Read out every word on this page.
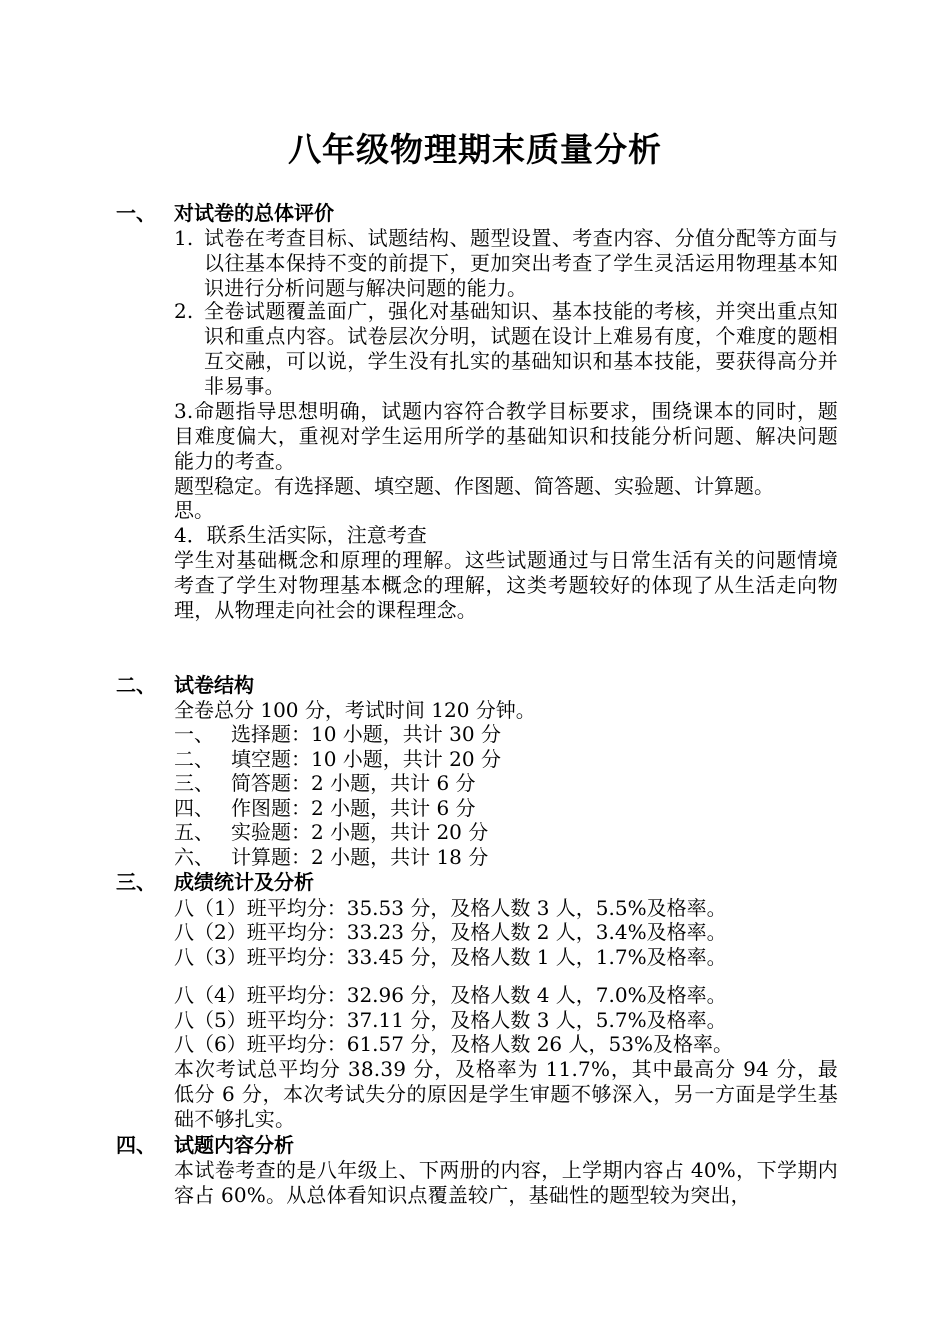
八年级物理期末质量分析
一、 对试卷的总体评价
1. 试卷在考查目标、试题结构、题型设置、考查内容、分值分配等方面与以往基本保持不变的前提下，更加突出考查了学生灵活运用物理基本知识进行分析问题与解决问题的能力。
2. 全卷试题覆盖面广，强化对基础知识、基本技能的考核，并突出重点知识和重点内容。试卷层次分明，试题在设计上难易有度，个难度的题相互交融，可以说，学生没有扎实的基础知识和基本技能，要获得高分并非易事。
3.命题指导思想明确，试题内容符合教学目标要求，围绕课本的同时，题目难度偏大，重视对学生运用所学的基础知识和技能分析问题、解决问题能力的考查。
题型稳定。有选择题、填空题、作图题、简答题、实验题、计算题。
思。
4．联系生活实际，注意考查
学生对基础概念和原理的理解。这些试题通过与日常生活有关的问题情境考查了学生对物理基本概念的理解，这类考题较好的体现了从生活走向物理，从物理走向社会的课程理念。
二、 试卷结构
全卷总分 100 分，考试时间 120 分钟。
一、 选择题：10 小题，共计 30 分
二、 填空题：10 小题，共计 20 分
三、 简答题：2 小题，共计 6 分
四、 作图题：2 小题，共计 6 分
五、 实验题：2 小题，共计 20 分
六、 计算题：2 小题，共计 18 分
三、 成绩统计及分析
八（1）班平均分：35.53 分，及格人数 3 人，5.5%及格率。
八（2）班平均分：33.23 分，及格人数 2 人，3.4%及格率。
八（3）班平均分：33.45 分，及格人数 1 人，1.7%及格率。
八（4）班平均分：32.96 分，及格人数 4 人，7.0%及格率。
八（5）班平均分：37.11 分，及格人数 3 人，5.7%及格率。
八（6）班平均分：61.57 分，及格人数 26 人，53%及格率。
本次考试总平均分 38.39 分，及格率为 11.7%，其中最高分 94 分，最低分 6 分，本次考试失分的原因是学生审题不够深入，另一方面是学生基础不够扎实。
四、 试题内容分析
本试卷考查的是八年级上、下两册的内容，上学期内容占 40%，下学期内容占 60%。从总体看知识点覆盖较广，基础性的题型较为突出，
